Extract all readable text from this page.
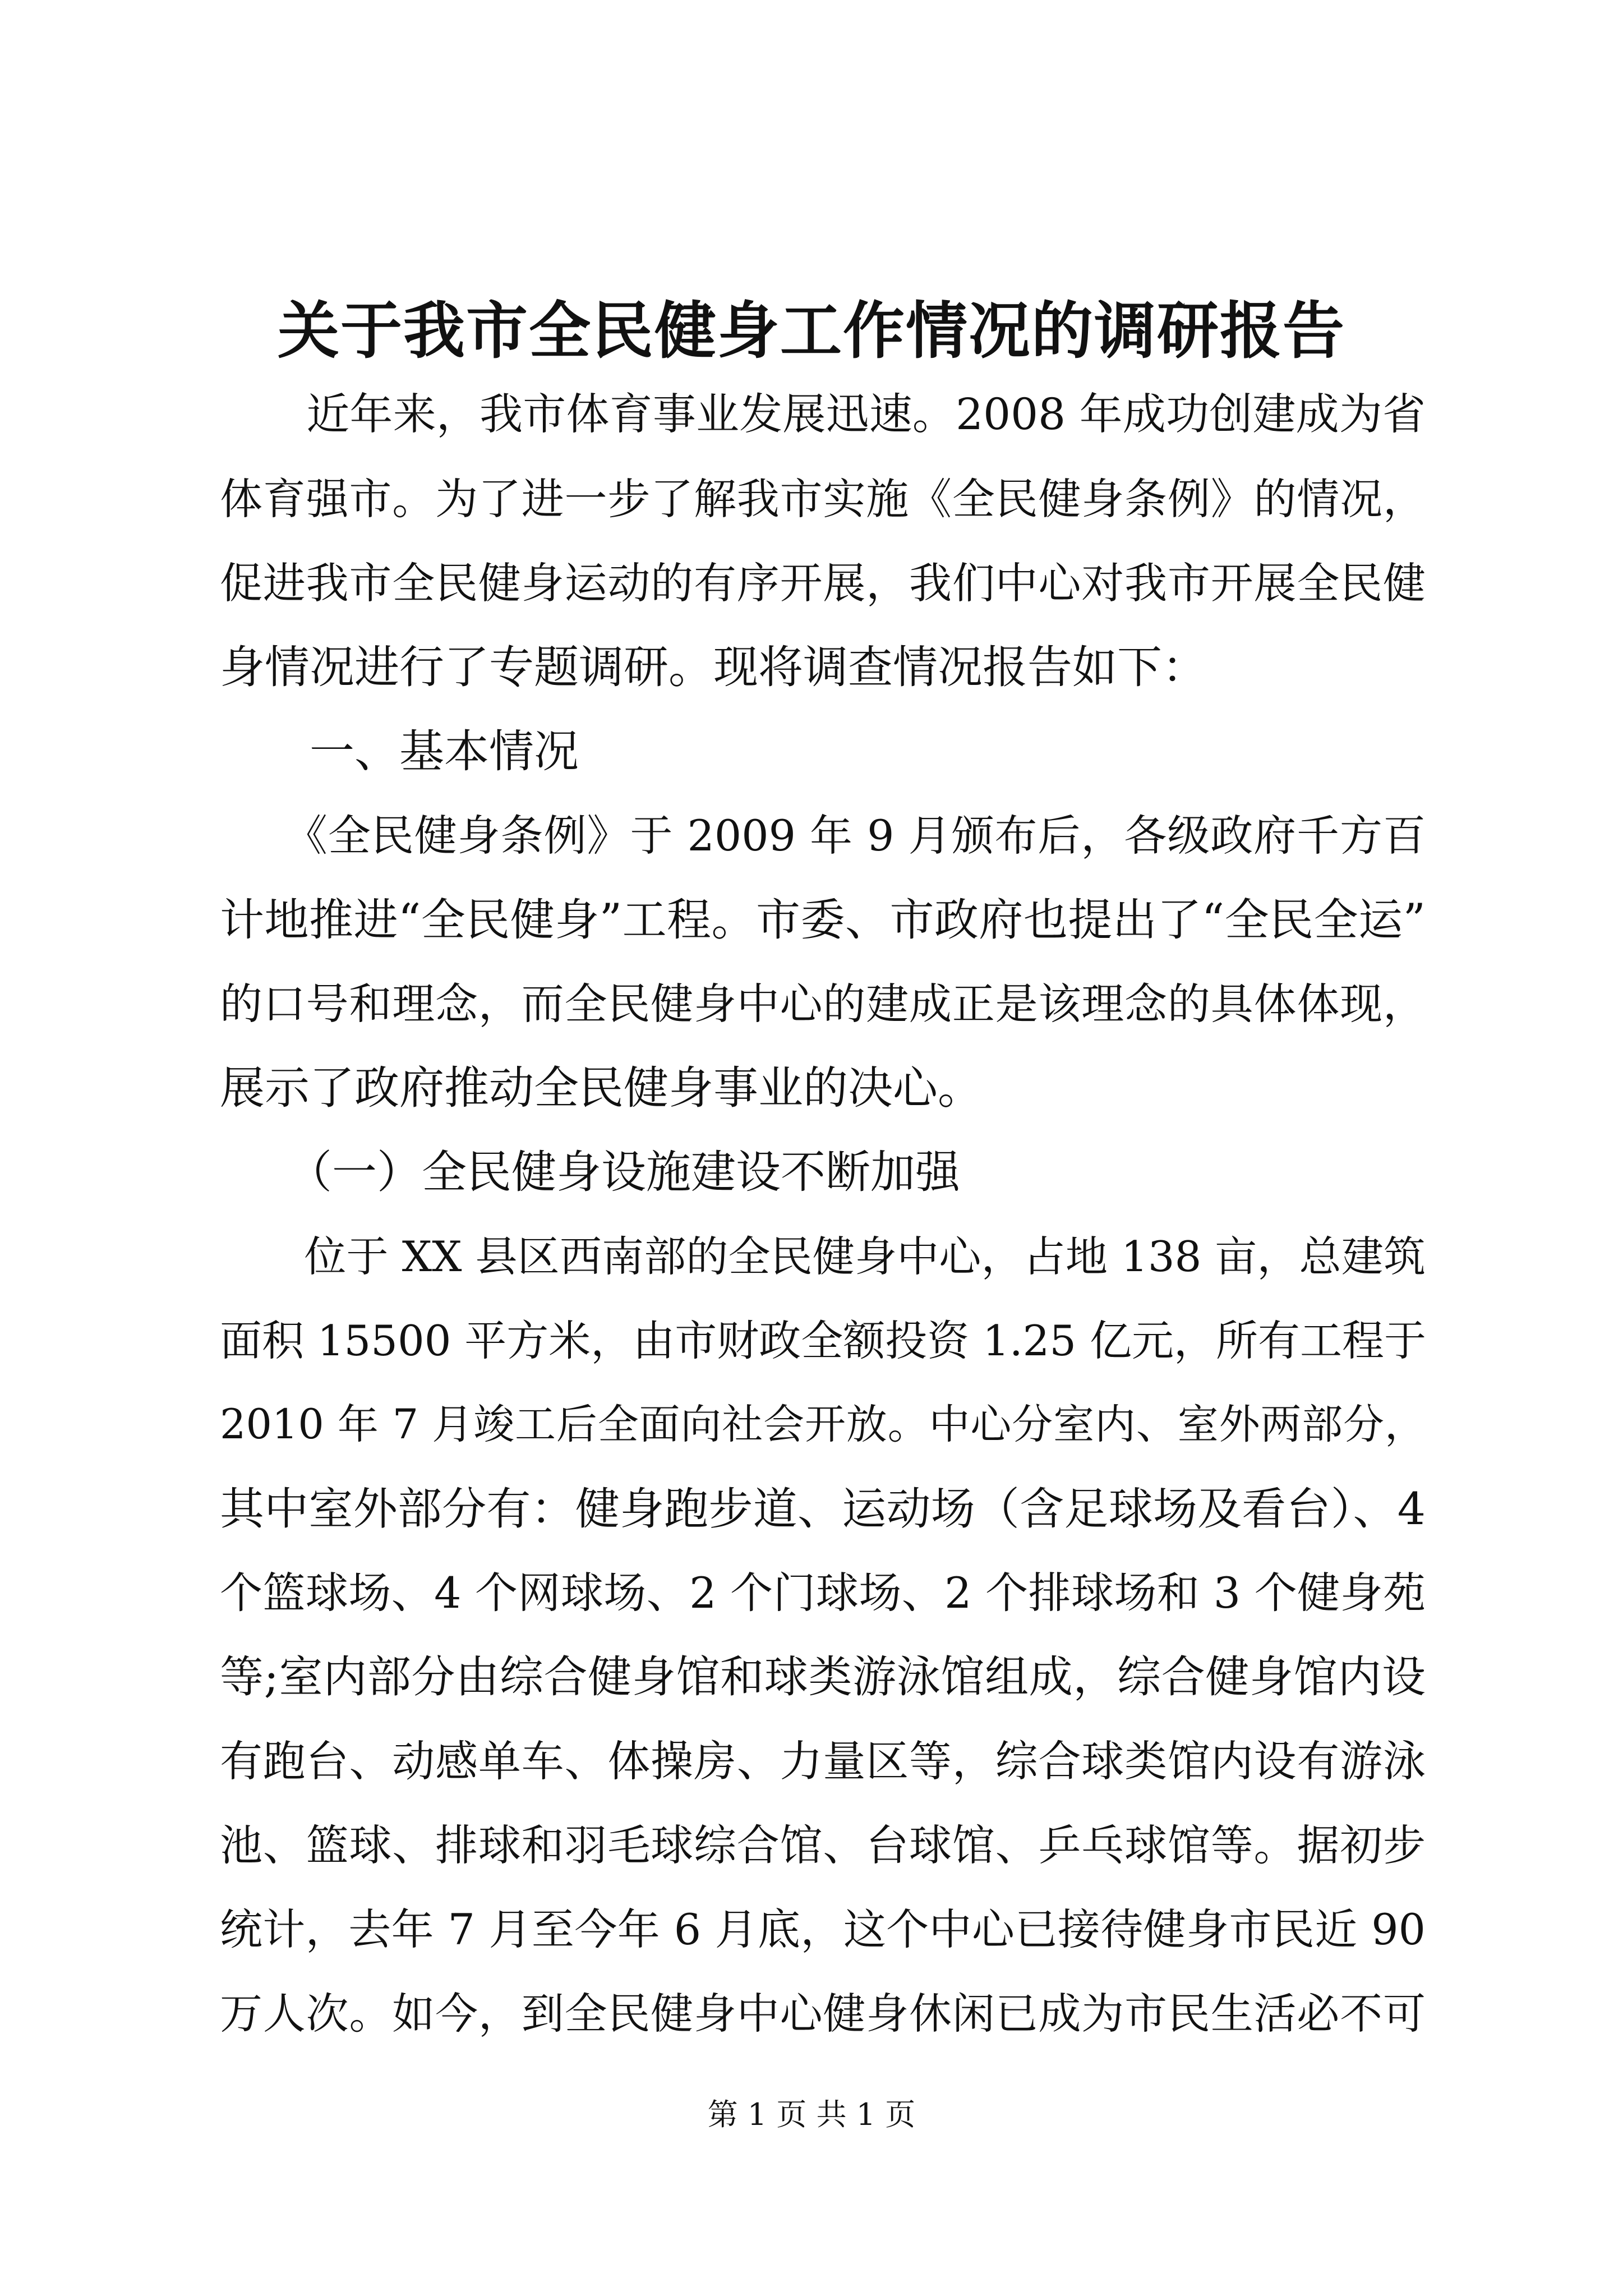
关于我市全民健身工作情况的调研报告
　　近年来，我市体育事业发展迅速。2008 年成功创建成为省
体育强市。为了进一步了解我市实施《全民健身条例》的情况，
促进我市全民健身运动的有序开展，我们中心对我市开展全民健
身情况进行了专题调研。现将调查情况报告如下：
　　一、基本情况
　　《全民健身条例》于 2009 年 9 月颁布后，各级政府千方百
计地推进“全民健身”工程。市委、市政府也提出了“全民全运”
的口号和理念，而全民健身中心的建成正是该理念的具体体现，
展示了政府推动全民健身事业的决心。
　　（一）全民健身设施建设不断加强
　　位于 XX 县区西南部的全民健身中心，占地 138 亩，总建筑
面积 15500 平方米，由市财政全额投资 1.25 亿元，所有工程于
2010 年 7 月竣工后全面向社会开放。中心分室内、室外两部分，
其中室外部分有：健身跑步道、运动场（含足球场及看台）、4
个篮球场、4 个网球场、2 个门球场、2 个排球场和 3 个健身苑
等;室内部分由综合健身馆和球类游泳馆组成，综合健身馆内设
有跑台、动感单车、体操房、力量区等，综合球类馆内设有游泳
池、篮球、排球和羽毛球综合馆、台球馆、乒乓球馆等。据初步
第 1 页 共 1 页
统计，去年 7 月至今年 6 月底，这个中心已接待健身市民近 90
万人次。如今，到全民健身中心健身休闲已成为市民生活必不可
